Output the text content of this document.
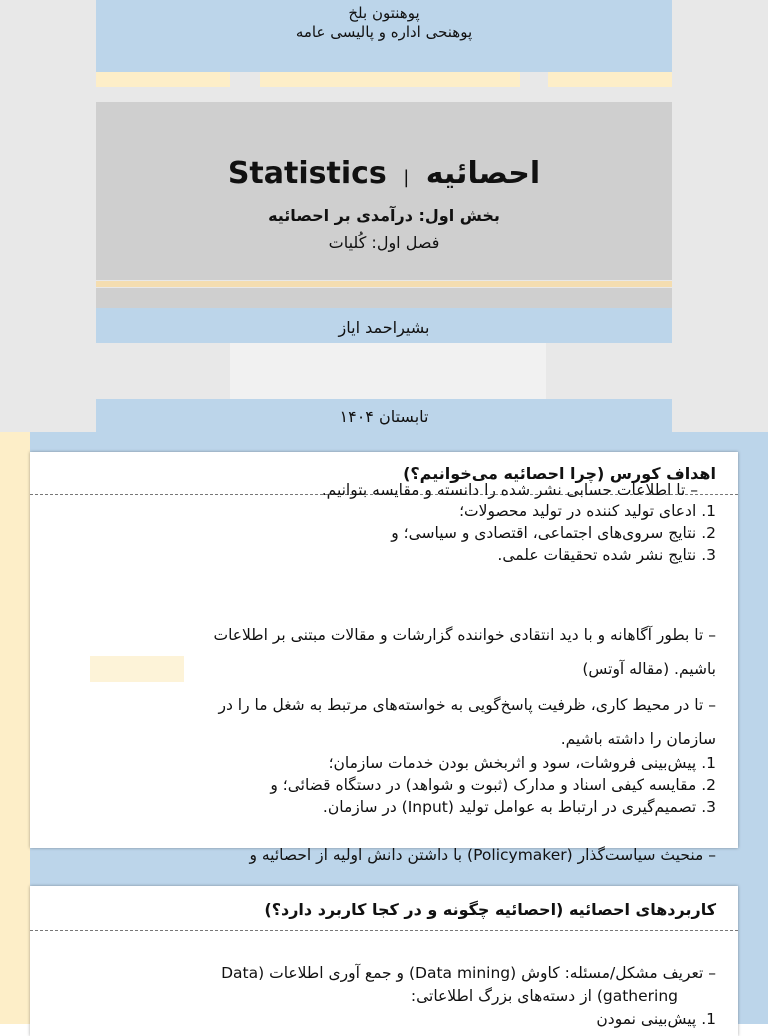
پوهنتون بلخ
پوهنحی اداره و پالیسی عامه
احصائیه | Statistics
بخش اول: درآمدی بر احصائیه
فصل اول: کُلیات
بشیراحمد ایاز
تابستان ۱۴۰۴
اهداف کورس (چرا احصائیه می‌خوانیم؟)
– تا اطلاعات حسابی نشر شده را دانسته و مقایسه بتوانیم.
1. ادعای تولید کننده در تولید محصولات؛
2. نتایج سروی‌های اجتماعی، اقتصادی و سیاسی؛ و
3. نتایج نشر شده تحقیقات علمی.
– تا بطور آگاهانه و با دید انتقادی خواننده گزارشات و مقالات مبتنی بر اطلاعات
باشیم. (مقاله آوتس)
– تا در محیط کاری، ظرفیت پاسخ‌گویی به خواسته‌های مرتبط به شغل ما را در
سازمان را داشته باشیم.
1. پیش‌بینی فروشات، سود و اثربخش بودن خدمات سازمان؛
2. مقایسه کیفی اسناد و مدارک (ثبوت و شواهد) در دستگاه قضائی؛ و
3. تصمیم‌گیری در ارتباط به عوامل تولید (Input) در سازمان.
– منحیث سیاست‌گذار (Policymaker) با داشتن دانش اولیه از احصائیه و
کاربردهای احصائیه (احصائیه چگونه و در کجا کاربرد دارد؟)
– تعریف مشکل/مسئله: کاوش (Data mining) و جمع آوری اطلاعات (Data
gathering) از دسته‌های بزرگ اطلاعاتی:
1. پیش‌بینی نمودن
